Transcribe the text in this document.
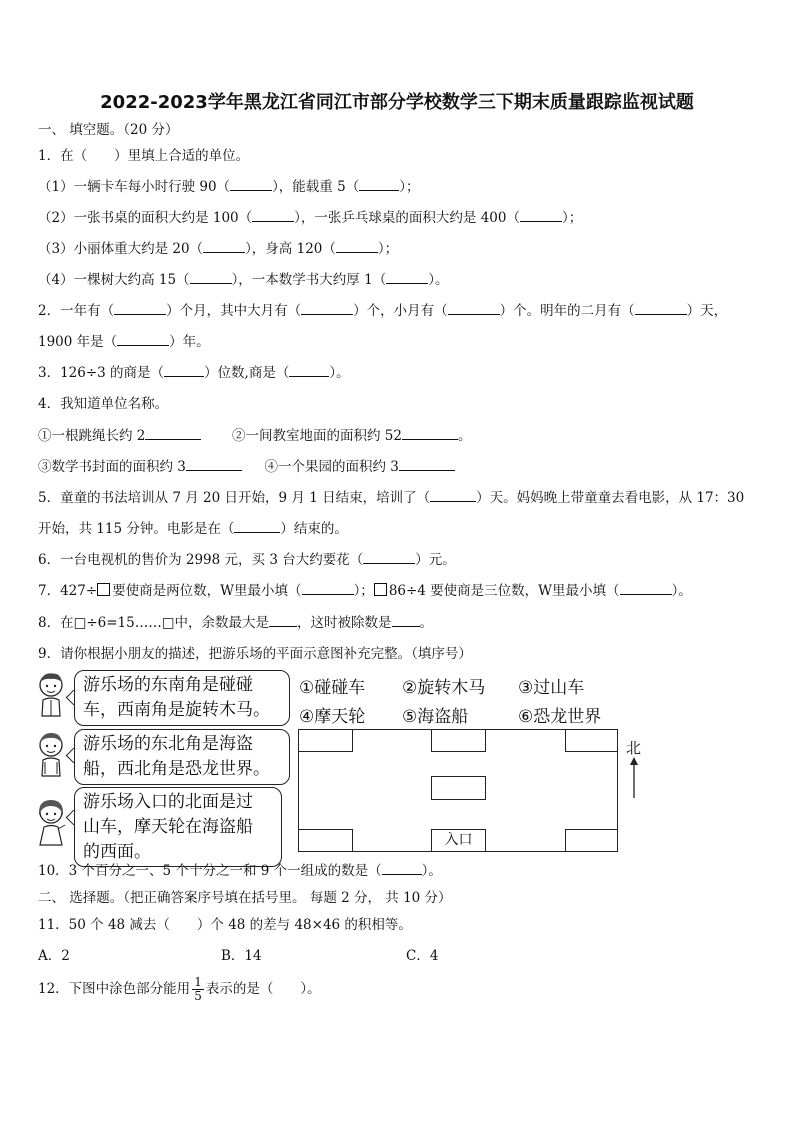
2022-2023学年黑龙江省同江市部分学校数学三下期末质量跟踪监视试题
一、 填空题。（20 分）
1．在（　　）里填上合适的单位。
（1）一辆卡车每小时行驶 90（	），能载重 5（	）；
（2）一张书桌的面积大约是 100（	），一张乒乓球桌的面积大约是 400（	）；
（3）小丽体重大约是 20（	），身高 120（	）；
（4）一棵树大约高 15（	），一本数学书大约厚 1（	）。
2．一年有（	）个月，其中大月有（	）个，小月有（	）个。明年的二月有（	）天，
1900 年是（	）年。
3．126÷3 的商是（	）位数,商是（	）。
4．我知道单位名称。
①一根跳绳长约 2	②一间教室地面的面积约 52	。
③数学书封面的面积约 3	④一个果园的面积约 3
5．童童的书法培训从 7 月 20 日开始，9 月 1 日结束，培训了（	）天。妈妈晚上带童童去看电影，从 17：30
开始，共 115 分钟。电影是在（	）结束的。
6．一台电视机的售价为 2998 元，买 3 台大约要花（	）元。
7．427÷ 要使商是两位数，W里最小填（	）； 86÷4 要使商是三位数，W里最小填（	）。
8．在□÷6=15……□中，余数最大是 ，这时被除数是 。
9．请你根据小朋友的描述，把游乐场的平面示意图补充完整。（填序号）
游乐场的东南角是碰碰
车，西南角是旋转木马。
游乐场的东北角是海盗
船，西北角是恐龙世界。
游乐场入口的北面是过
山车，摩天轮在海盗船
的西面。
①碰碰车 ②旋转木马 ③过山车
④摩天轮 ⑤海盗船	⑥恐龙世界
入口
北
10．3 个百分之一、5 个十分之一和 9 个一组成的数是（	）。
二、 选择题。（把正确答案序号填在括号里。 每题 2 分， 共 10 分）
11．50 个 48 减去（　　）个 48 的差与 48×46 的积相等。
A．2	B．14	C．4
12．下图中涂色部分能用 $\frac{1}{5}$ 表示的是（　　）。
